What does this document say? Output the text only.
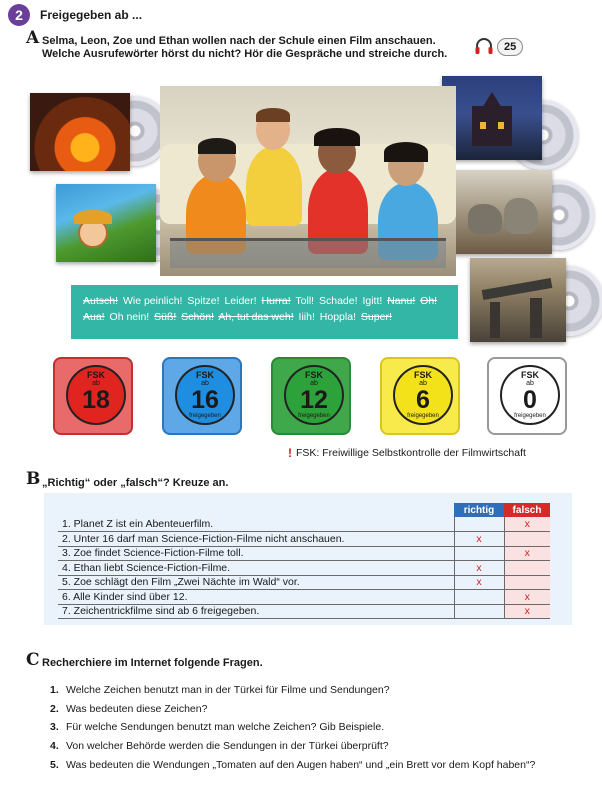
2	Freigegeben ab ...
A Selma, Leon, Zoe und Ethan wollen nach der Schule einen Film anschauen.
Welche Ausrufewörter hörst du nicht? Hör die Gespräche und streiche durch.
25
Autsch! Wie peinlich! Spitze! Leider! Hurra! Toll! Schade! Igitt! Nanu! Oh! Aua! Oh nein! Süß! Schön! Ah, tut das weh! Iiih! Hoppla! Super!
FSK
ab
18
FSK
ab
16
freigegeben
FSK
ab
12
freigegeben
FSK
ab
6
freigegeben
FSK
ab
0
freigegeben
! FSK: Freiwillige Selbstkontrolle der Filmwirtschaft
B „Richtig“ oder „falsch“? Kreuze an.
	richtig	falsch
1. Planet Z ist ein Abenteuerfilm.		x
2. Unter 16 darf man Science-Fiction-Filme nicht anschauen.	x	
3. Zoe findet Science-Fiction-Filme toll.		x
4. Ethan liebt Science-Fiction-Filme.	x	
5. Zoe schlägt den Film „Zwei Nächte im Wald“ vor.	x	
6. Alle Kinder sind über 12.		x
7. Zeichentrickfilme sind ab 6 freigegeben.		x
C Recherchiere im Internet folgende Fragen.
1. Welche Zeichen benutzt man in der Türkei für Filme und Sendungen?
2. Was bedeuten diese Zeichen?
3. Für welche Sendungen benutzt man welche Zeichen? Gib Beispiele.
4. Von welcher Behörde werden die Sendungen in der Türkei überprüft?
5. Was bedeuten die Wendungen „Tomaten auf den Augen haben“ und „ein Brett vor dem Kopf haben“?
